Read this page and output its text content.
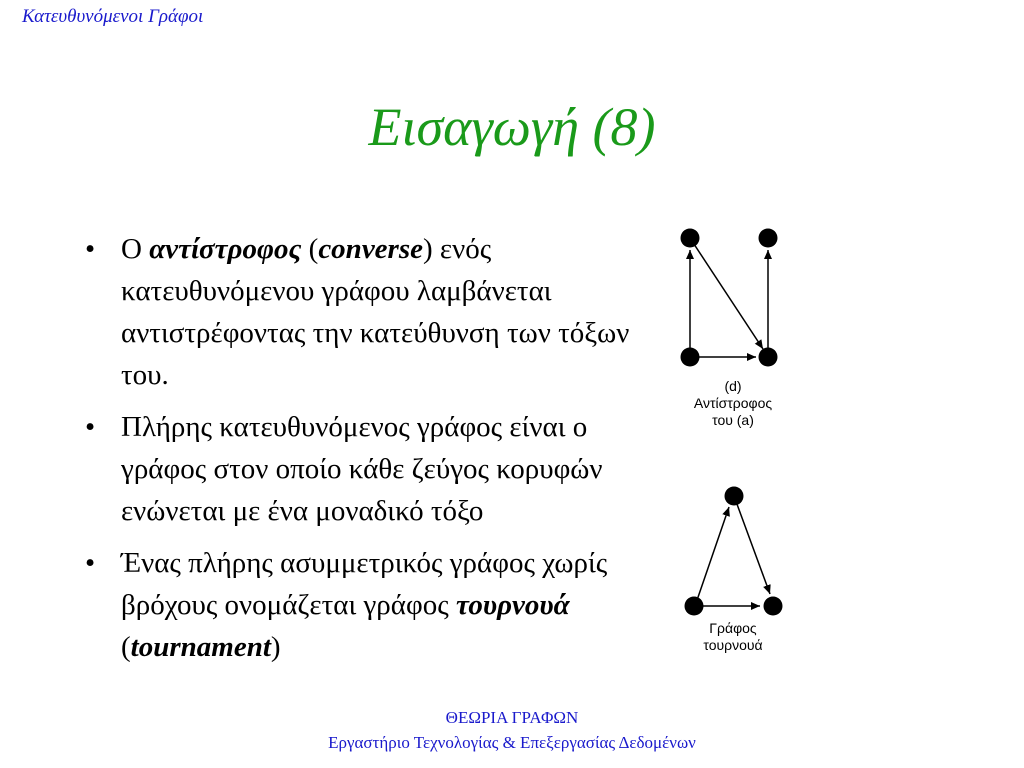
Κατευθυνόμενοι Γράφοι
Εισαγωγή (8)
• Ο αντίστροφος (converse) ενός κατευθυνόμενου γράφου λαμβάνεται αντιστρέφοντας την κατεύθυνση των τόξων του.
• Πλήρης κατευθυνόμενος γράφος είναι ο γράφος στον οποίο κάθε ζεύγος κορυφών ενώνεται με ένα μοναδικό τόξο
• Ένας πλήρης ασυμμετρικός γράφος χωρίς βρόχους ονομάζεται γράφος τουρνουά (tournament)
(d)
Αντίστροφος
του (a)
Γράφος
τουρνουά
ΘΕΩΡΙΑ ΓΡΑΦΩΝ
Εργαστήριο Τεχνολογίας & Επεξεργασίας Δεδομένων
